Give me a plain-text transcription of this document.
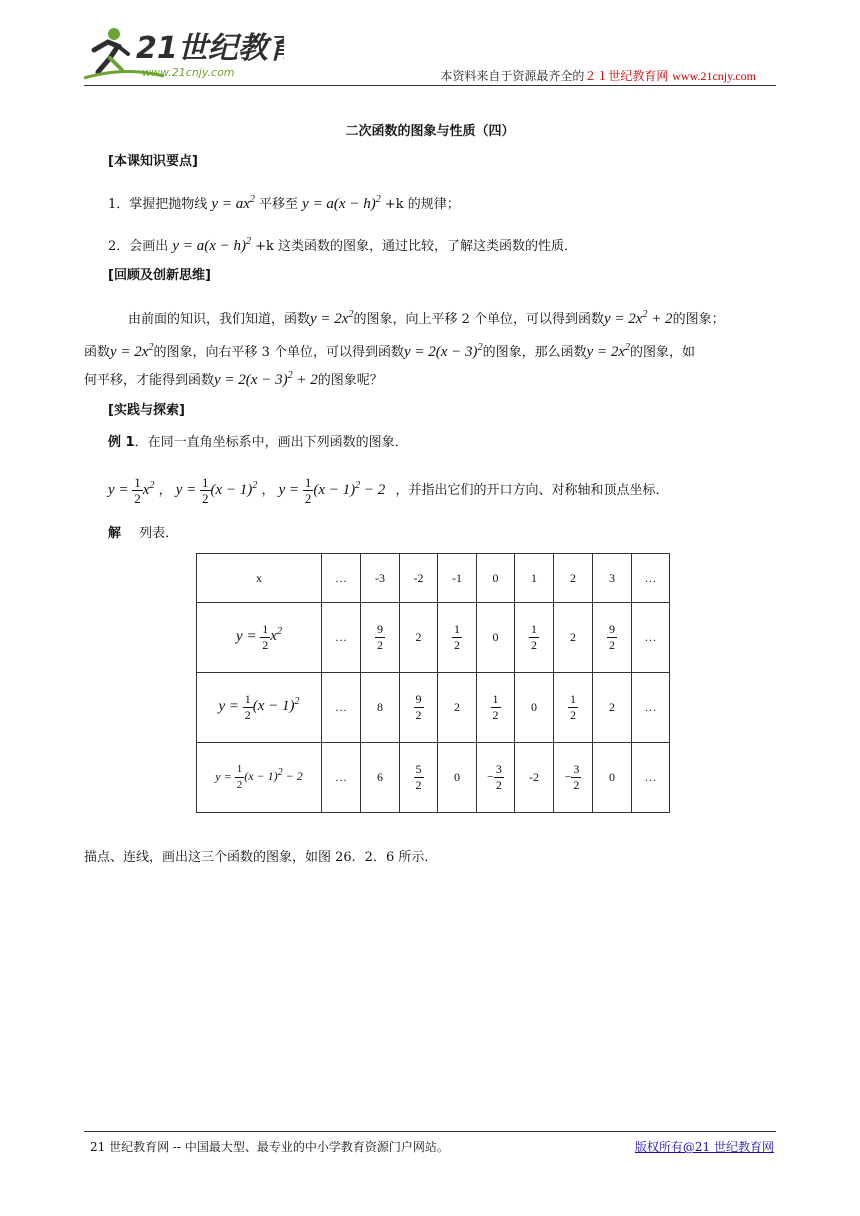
21世纪教育
www.21cnjy.com	本资料来自于资源最齐全的２１世纪教育网 www.21cnjy.com
二次函数的图象与性质（四）
[本课知识要点]
1．掌握把抛物线 $y = ax^2$ 平移至 $y = a(x - h)^2 +k$ 的规律；
2．会画出 $y = a(x - h)^2 +k$ 这类函数的图象，通过比较，了解这类函数的性质．
[回顾及创新思维]
由前面的知识，我们知道，函数$y = 2x^2$的图象，向上平移 2 个单位，可以得到函数$y = 2x^2 + 2$的图象；
函数$y = 2x^2$的图象，向右平移 3 个单位，可以得到函数$y = 2(x - 3)^2$的图象，那么函数$y = 2x^2$的图象，如
何平移，才能得到函数$y = 2(x - 3)^2 + 2$的图象呢？
[实践与探索]
例 1．在同一直角坐标系中，画出下列函数的图象．
$y = \frac{1}{2} x^2$ ， $y = \frac{1}{2} (x - 1)^2$ ， $y = \frac{1}{2} (x - 1)^2 - 2$ ，并指出它们的开口方向、对称轴和顶点坐标．
解 列表．
x	…	-3	-2	-1	0	1	2	3	…
$y = \frac{1}{2} x^2$	…	$\frac{9}{2}$	2	$\frac{1}{2}$	0	$\frac{1}{2}$	2	$\frac{9}{2}$	…
$y = \frac{1}{2} (x - 1)^2$	…	8	$\frac{9}{2}$	2	$\frac{1}{2}$	0	$\frac{1}{2}$	2	…
$y = \frac{1}{2} (x - 1)^2 - 2$	…	6	$\frac{5}{2}$	0	− $\frac{3}{2}$	-2	− $\frac{3}{2}$	0	…
描点、连线，画出这三个函数的图象，如图 26．2．6 所示．
21 世纪教育网 -- 中国最大型、最专业的中小学教育资源门户网站。	版权所有@21 世纪教育网
